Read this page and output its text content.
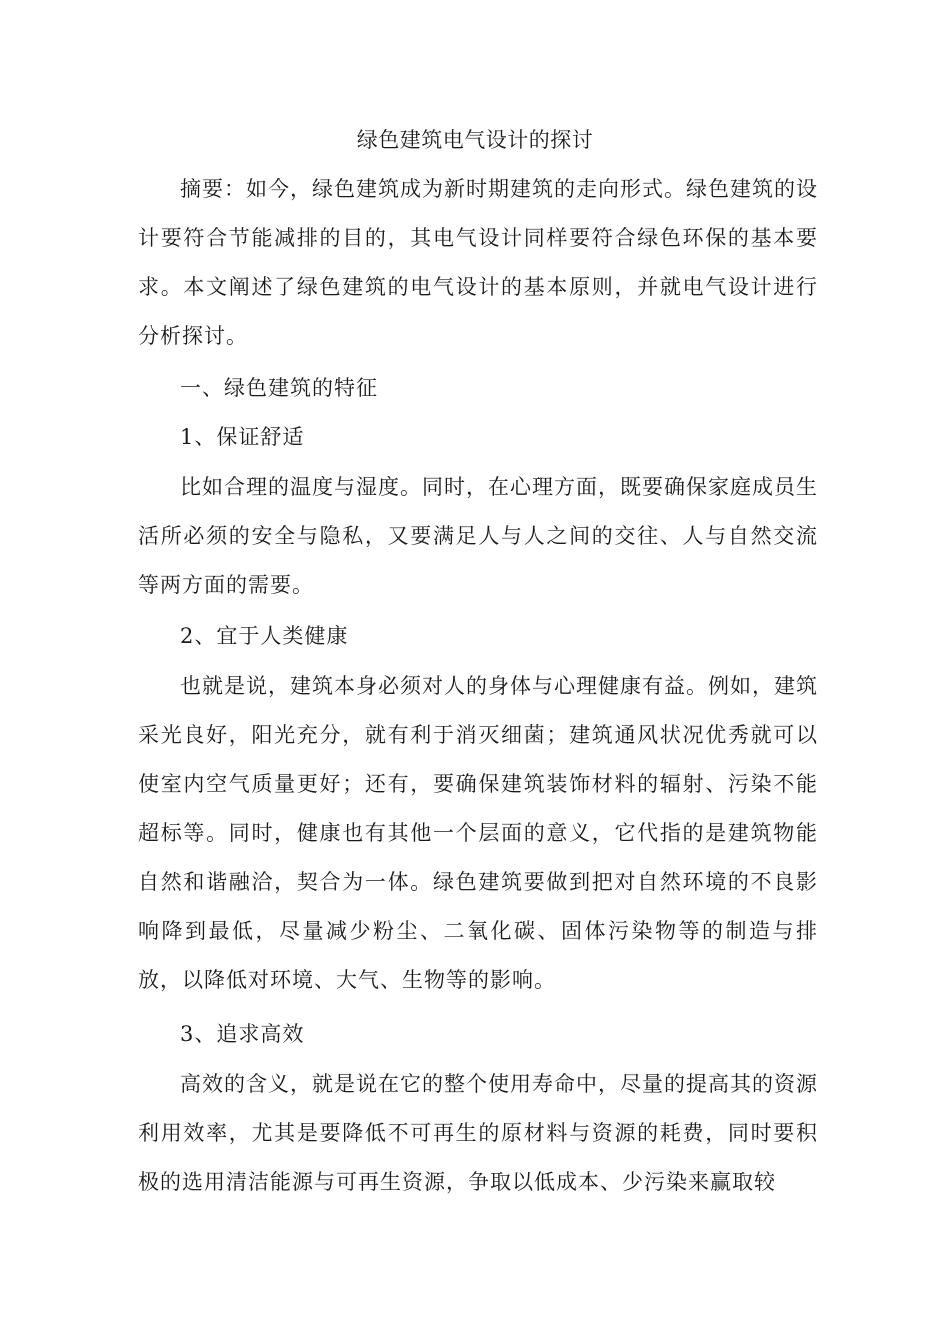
绿色建筑电气设计的探讨

摘要：如今，绿色建筑成为新时期建筑的走向形式。绿色建筑的设计要符合节能减排的目的，其电气设计同样要符合绿色环保的基本要求。本文阐述了绿色建筑的电气设计的基本原则，并就电气设计进行分析探讨。

一、绿色建筑的特征

1、保证舒适

比如合理的温度与湿度。同时，在心理方面，既要确保家庭成员生活所必须的安全与隐私，又要满足人与人之间的交往、人与自然交流等两方面的需要。

2、宜于人类健康

也就是说，建筑本身必须对人的身体与心理健康有益。例如，建筑采光良好，阳光充分，就有利于消灭细菌；建筑通风状况优秀就可以使室内空气质量更好；还有，要确保建筑装饰材料的辐射、污染不能超标等。同时，健康也有其他一个层面的意义，它代指的是建筑物能自然和谐融洽，契合为一体。绿色建筑要做到把对自然环境的不良影响降到最低，尽量减少粉尘、二氧化碳、固体污染物等的制造与排放，以降低对环境、大气、生物等的影响。

3、追求高效

高效的含义，就是说在它的整个使用寿命中，尽量的提高其的资源利用效率，尤其是要降低不可再生的原材料与资源的耗费，同时要积极的选用清洁能源与可再生资源，争取以低成本、少污染来赢取较
